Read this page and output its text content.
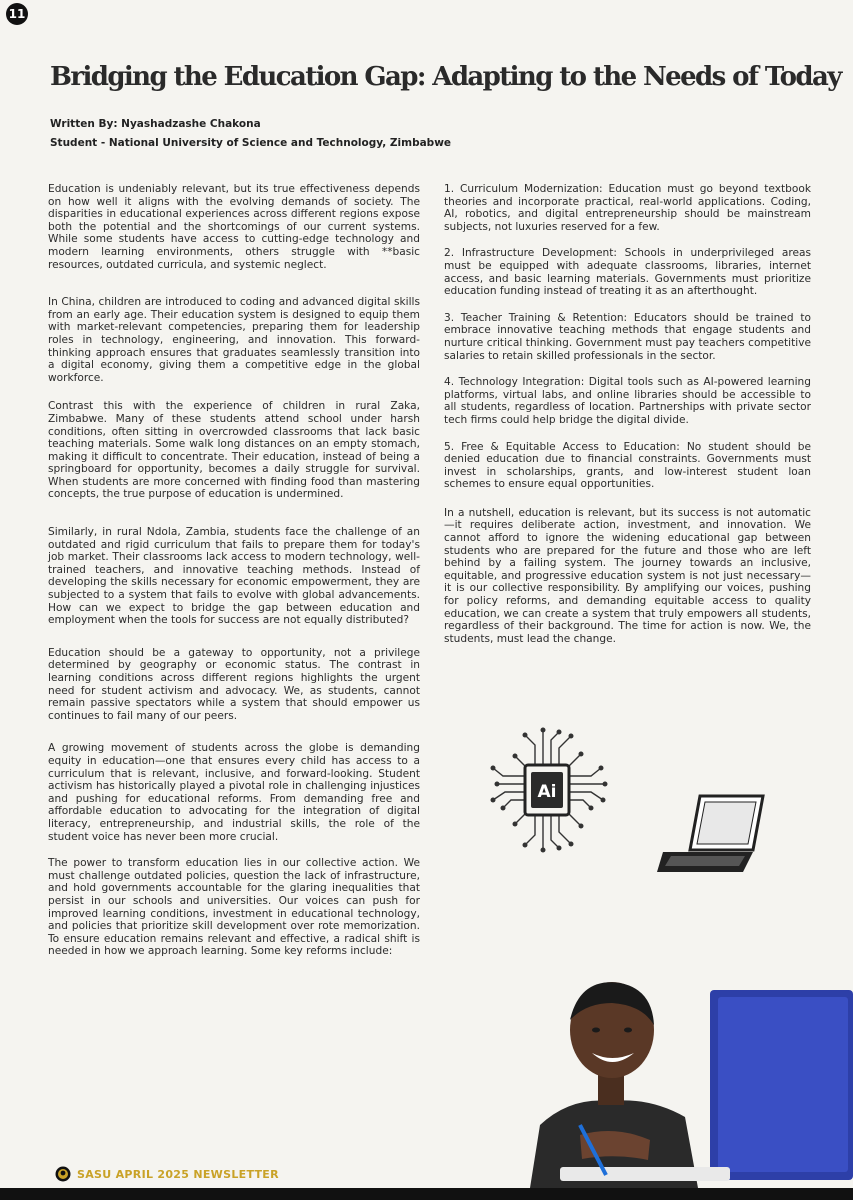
11
Bridging the Education Gap: Adapting to the Needs of Today
Written By: Nyashadzashe Chakona
Student - National University of Science and Technology, Zimbabwe

Education is undeniably relevant, but its true effectiveness depends on how well it aligns with the evolving demands of society. The disparities in educational experiences across different regions expose both the potential and the shortcomings of our current systems. While some students have access to cutting-edge technology and modern learning environments, others struggle with **basic resources, outdated curricula, and systemic neglect.

In China, children are introduced to coding and advanced digital skills from an early age. Their education system is designed to equip them with market-relevant competencies, preparing them for leadership roles in technology, engineering, and innovation. This forward-thinking approach ensures that graduates seamlessly transition into a digital economy, giving them a competitive edge in the global workforce.

Contrast this with the experience of children in rural Zaka, Zimbabwe. Many of these students attend school under harsh conditions, often sitting in overcrowded classrooms that lack basic teaching materials. Some walk long distances on an empty stomach, making it difficult to concentrate. Their education, instead of being a springboard for opportunity, becomes a daily struggle for survival. When students are more concerned with finding food than mastering concepts, the true purpose of education is undermined.

Similarly, in rural Ndola, Zambia, students face the challenge of an outdated and rigid curriculum that fails to prepare them for today's job market. Their classrooms lack access to modern technology, well-trained teachers, and innovative teaching methods. Instead of developing the skills necessary for economic empowerment, they are subjected to a system that fails to evolve with global advancements. How can we expect to bridge the gap between education and employment when the tools for success are not equally distributed?

Education should be a gateway to opportunity, not a privilege determined by geography or economic status. The contrast in learning conditions across different regions highlights the urgent need for student activism and advocacy. We, as students, cannot remain passive spectators while a system that should empower us continues to fail many of our peers.

A growing movement of students across the globe is demanding equity in education—one that ensures every child has access to a curriculum that is relevant, inclusive, and forward-looking. Student activism has historically played a pivotal role in challenging injustices and pushing for educational reforms. From demanding free and affordable education to advocating for the integration of digital literacy, entrepreneurship, and industrial skills, the role of the student voice has never been more crucial.

The power to transform education lies in our collective action. We must challenge outdated policies, question the lack of infrastructure, and hold governments accountable for the glaring inequalities that persist in our schools and universities. Our voices can push for improved learning conditions, investment in educational technology, and policies that prioritize skill development over rote memorization. To ensure education remains relevant and effective, a radical shift is needed in how we approach learning. Some key reforms include:

1. Curriculum Modernization: Education must go beyond textbook theories and incorporate practical, real-world applications. Coding, AI, robotics, and digital entrepreneurship should be mainstream subjects, not luxuries reserved for a few.

2. Infrastructure Development: Schools in underprivileged areas must be equipped with adequate classrooms, libraries, internet access, and basic learning materials. Governments must prioritize education funding instead of treating it as an afterthought.

3. Teacher Training & Retention: Educators should be trained to embrace innovative teaching methods that engage students and nurture critical thinking. Government must pay teachers competitive salaries to retain skilled professionals in the sector.

4. Technology Integration: Digital tools such as AI-powered learning platforms, virtual labs, and online libraries should be accessible to all students, regardless of location. Partnerships with private sector tech firms could help bridge the digital divide.

5. Free & Equitable Access to Education: No student should be denied education due to financial constraints. Governments must invest in scholarships, grants, and low-interest student loan schemes to ensure equal opportunities.

In a nutshell, education is relevant, but its success is not automatic—it requires deliberate action, investment, and innovation. We cannot afford to ignore the widening educational gap between students who are prepared for the future and those who are left behind by a failing system. The journey towards an inclusive, equitable, and progressive education system is not just necessary—it is our collective responsibility. By amplifying our voices, pushing for policy reforms, and demanding equitable access to quality education, we can create a system that truly empowers all students, regardless of their background. The time for action is now. We, the students, must lead the change.

Ai
SASU APRIL 2025 NEWSLETTER
